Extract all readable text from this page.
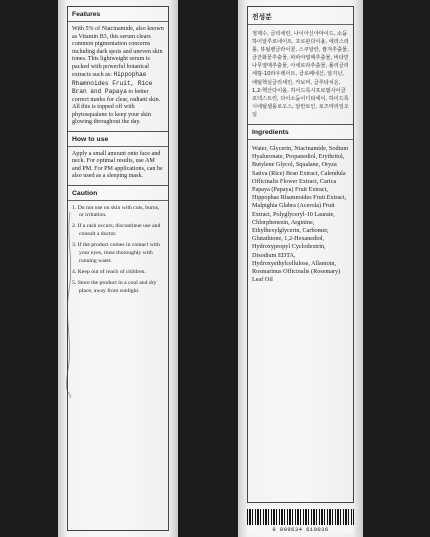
Features
With 5% of Niacinamide, also known as Vitamin B3, this serum clears common pigmentation concerns including dark spots and uneven skin tones. This lightweight serum is packed with powerful botanical extracts such as: Hippophae Rhamnoides Fruit, Rice Bran and Papaya to better correct marks for clear, radiant skin. All this is topped off with phytosqualane to keep your skin glowing throughout the day.
How to use
Apply a small amount onto face and neck. For optimal results, use AM and PM. For PM applications, can be also used as a sleeping mask.
Caution
1. Do not use on skin with cuts, burns, or irritation.
2. If a rash occurs, discontinue use and consult a doctor.
3. If the product comes in contact with your eyes, rinse thoroughly with running water.
4. Keep out of reach of children.
5. Store the product in a cool and dry place, away from sunlight.
전성분
정제수, 글리세린, 나이아신아마이드, 소듐하이알루로네이트, 프로판다이올, 에리스리톨, 뷰틸렌글라이콜, 스쿠알란, 쌀겨추출물, 금잔화꽃추출물, 파파야열매추출물, 비타민나무열매추출물, 아세로라추출물, 폴리글리세릴-10라우레이트, 클로페네신, 알지닌, 에틸헥실글리세린, 카보머, 글루타치온, 1,2-헥산다이올, 하이드록시프로필사이클로덱스트린, 다이소듐이디티에이, 하이드록시에틸셀룰로오스, 알란토인, 로즈마리잎오일
Ingredients
Water, Glycerin, Niacinamide, Sodium Hyaluronate, Propanediol, Erythritol, Butylene Glycol, Squalane, Oryza Sativa (Rice) Bran Extract, Calendula Officinalis Flower Extract, Carica Papaya (Papaya) Fruit Extract, Hippophae Rhamnoides Fruit Extract, Malpighia Glabra (Acerola) Fruit Extract, Polyglyceryl-10 Laurate, Chlorphenesin, Arginine, Ethylhexylglycerin, Carbomer, Glutathione, 1,2-Hexanediol, Hydroxypropyl Cyclodextrin, Disodium EDTA, Hydroxyethylcellulose, Allantoin, Rosmarinus Officinalis (Rosemary) Leaf Oil
8 809634 610036
